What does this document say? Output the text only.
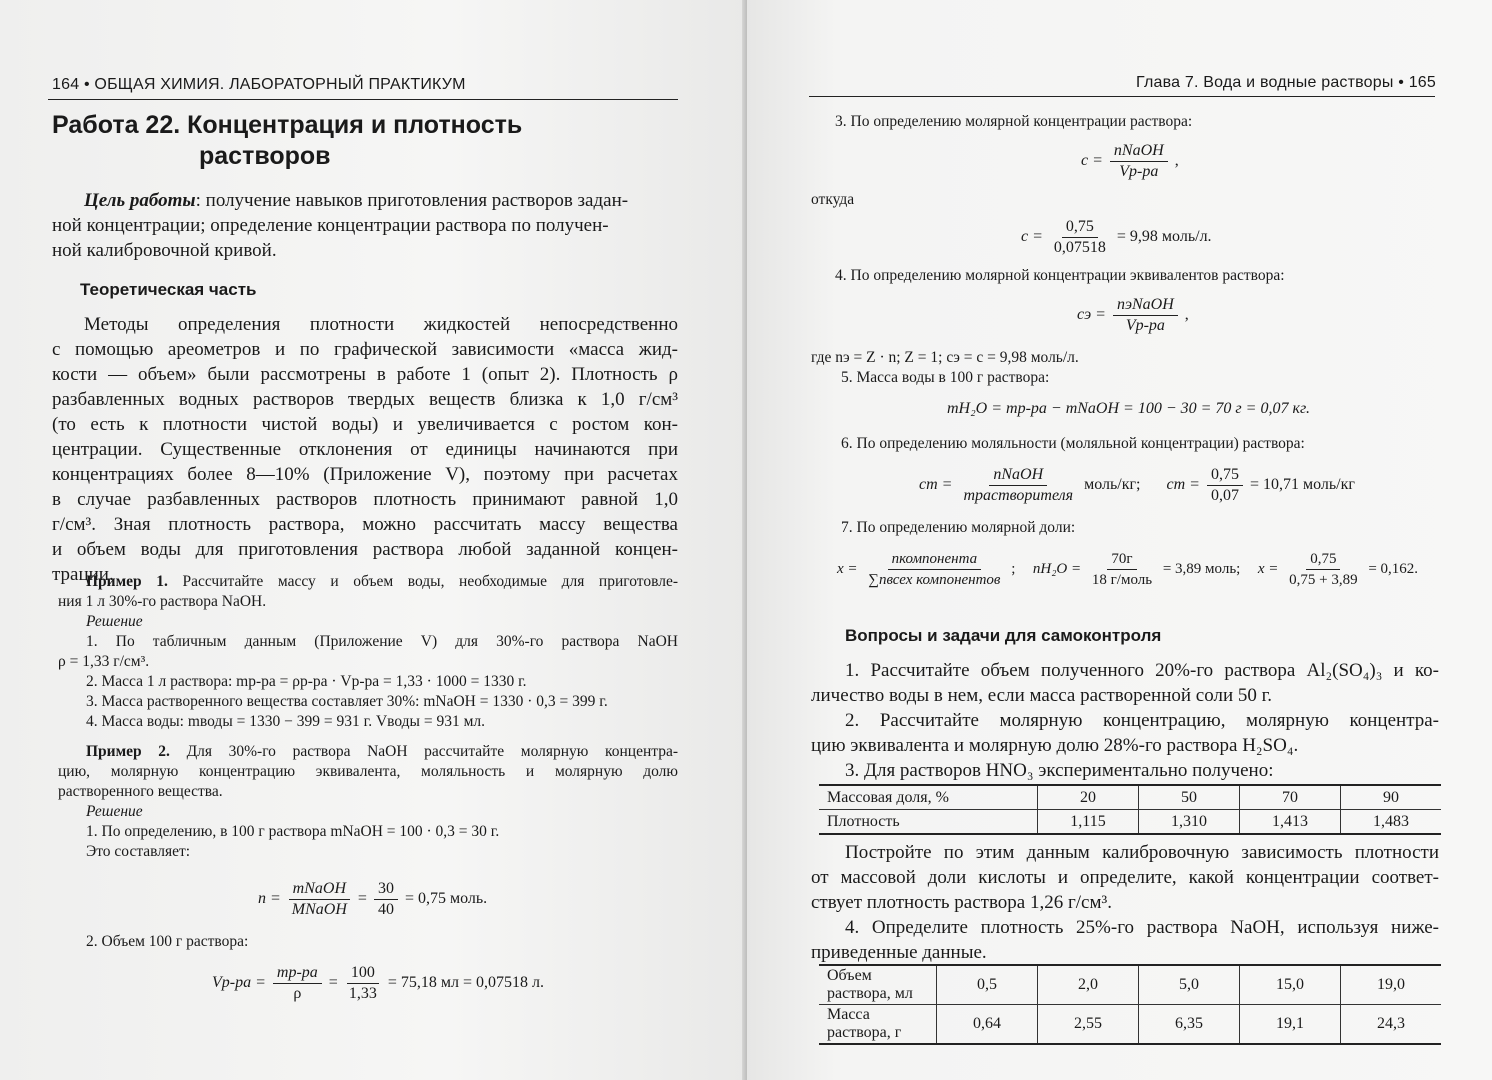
164 • ОБЩАЯ ХИМИЯ. ЛАБОРАТОРНЫЙ ПРАКТИКУМ
Работа 22. Концентрация и плотность
растворов
Цель работы: получение навыков приготовления растворов задан-
ной концентрации; определение концентрации раствора по получен-
ной калибровочной кривой.
Теоретическая часть
Методы определения плотности жидкостей непосредственно
с помощью ареометров и по графической зависимости «масса жид-
кости — объем» были рассмотрены в работе 1 (опыт 2). Плотность ρ
разбавленных водных растворов твердых веществ близка к 1,0 г/см³
(то есть к плотности чистой воды) и увеличивается с ростом кон-
центрации. Существенные отклонения от единицы начинаются при
концентрациях более 8—10% (Приложение V), поэтому при расчетах
в случае разбавленных растворов плотность принимают равной 1,0
г/см³. Зная плотность раствора, можно рассчитать массу вещества
и объем воды для приготовления раствора любой заданной концен-
трации.
Пример 1. Рассчитайте массу и объем воды, необходимые для приготовле-
ния 1 л 30%-го раствора NaOH.
Решение
1. По табличным данным (Приложение V) для 30%-го раствора NaOH
ρ = 1,33 г/см³.
2. Масса 1 л раствора: mр-ра = ρр-ра · Vр-ра = 1,33 · 1000 = 1330 г.
3. Масса растворенного вещества составляет 30%: mNaOH = 1330 · 0,3 = 399 г.
4. Масса воды: mводы = 1330 − 399 = 931 г. Vводы = 931 мл.
Пример 2. Для 30%-го раствора NaOH рассчитайте молярную концентра-
цию, молярную концентрацию эквивалента, моляльность и молярную долю
растворенного вещества.
Решение
1. По определению, в 100 г раствора mNaOH = 100 · 0,3 = 30 г.
Это составляет:
$n = \frac{\text{mNaOH}}{\text{MNaOH}} = \frac{30}{40} = 0,75$ моль.
2. Объем 100 г раствора:
$Vр-ра = \frac{mр-ра}{\rho} = \frac{100}{1,33} = 75,18$ мл = 0,07518 л.
Глава 7. Вода и водные растворы • 165
3. По определению молярной концентрации раствора:
$c = \frac{\text{nNaOH}}{Vр-ра}$ ,
откуда
$c = \frac{0,75}{0,07518} = 9,98$ моль/л.
4. По определению молярной концентрации эквивалентов раствора:
cэ = $\frac{\text{nэNaOH}}{Vр-ра}$ ,
где nэ = Z · n; Z = 1; cэ = c = 9,98 моль/л.
5. Масса воды в 100 г раствора:
mH₂O = mр-ра − mNaOH = 100 − 30 = 70 г = 0,07 кг.
6. По определению моляльности (моляльной концентрации) раствора:
cm = $\frac{\text{nNaOH}}{\text{mрастворителя}}$ моль/кг; cm = $\frac{0,75}{0,07} = 10,71$ моль/кг
7. По определению молярной доли:
$x = \frac{\text{nкомпонента}}{\text{∑nвсех компонентов}}$ ; $nH_2O = \frac{70г}{\text{18 г/моль}} = 3,89$ моль; $x = \frac{0,75}{0,75 + 3,89} = 0,162$.
Вопросы и задачи для самоконтроля
1. Рассчитайте объем полученного 20%-го раствора Al₂(SO₄)₃ и ко-
личество воды в нем, если масса растворенной соли 50 г.
2. Рассчитайте молярную концентрацию, молярную концентра-
цию эквивалента и молярную долю 28%-го раствора H₂SO₄.
3. Для растворов HNO₃ экспериментально получено:
Массовая доля, %	20	50	70	90
Плотность	1,115	1,310	1,413	1,483
Постройте по этим данным калибровочную зависимость плотности
от массовой доли кислоты и определите, какой концентрации соответ-
ствует плотность раствора 1,26 г/см³.
4. Определите плотность 25%-го раствора NaOH, используя ниже-
приведенные данные.
Объем раствора, мл	0,5	2,0	5,0	15,0	19,0
Масса раствора, г	0,64	2,55	6,35	19,1	24,3
